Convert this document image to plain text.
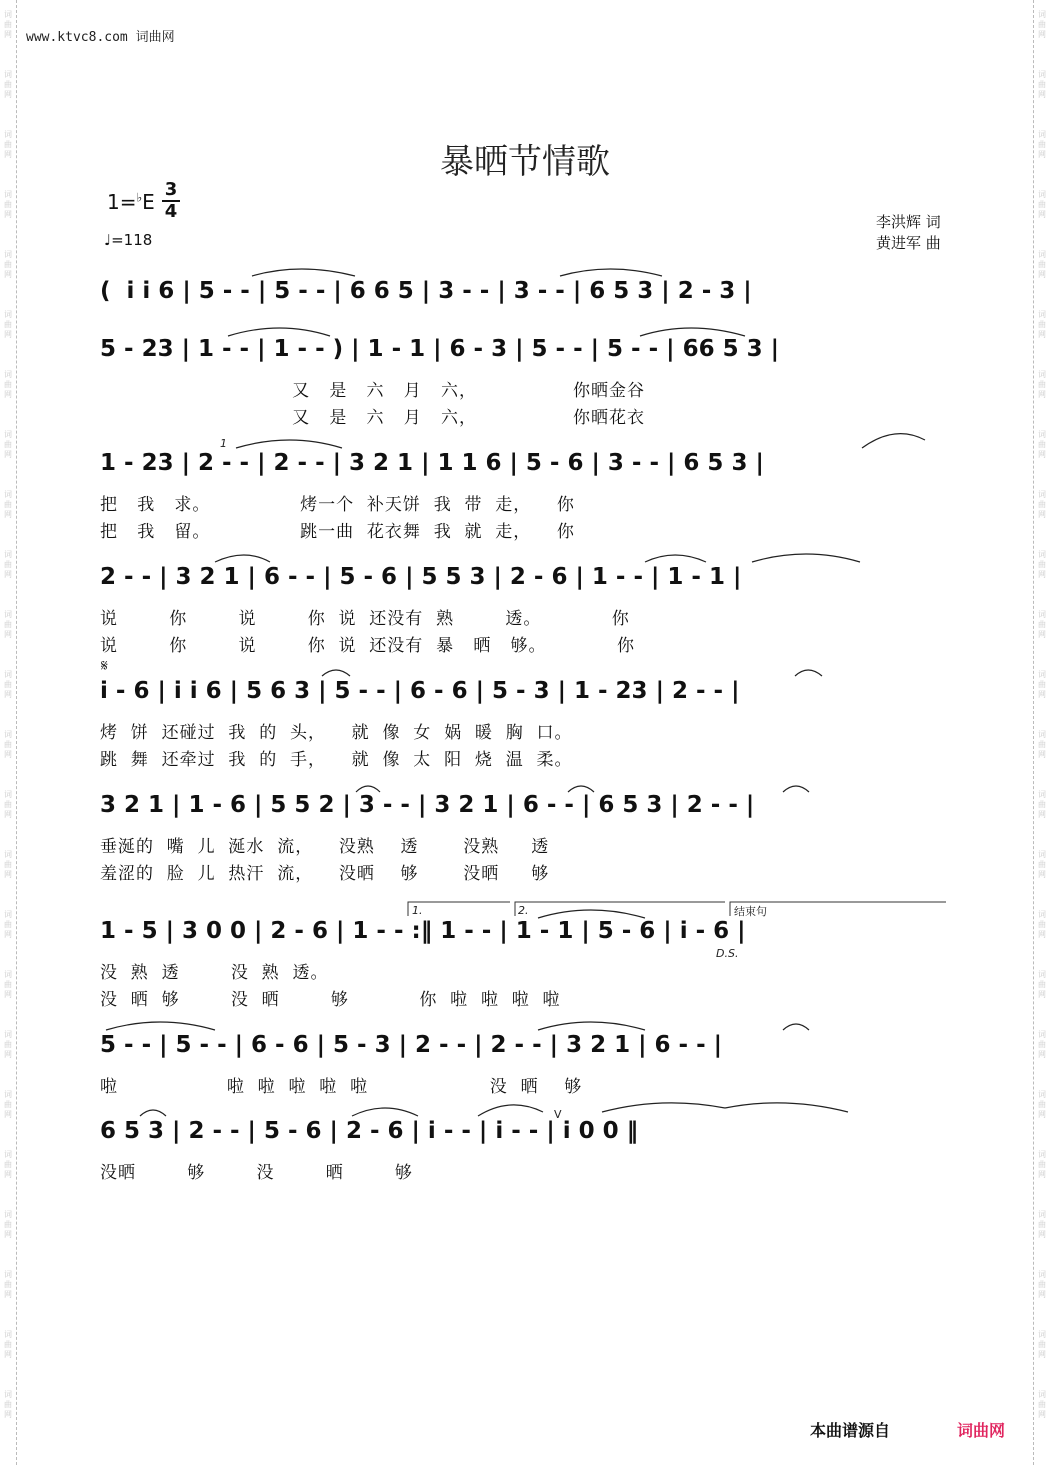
词曲网
词曲网
词曲网
词曲网
词曲网
词曲网
词曲网
词曲网
词曲网
词曲网
词曲网
词曲网
词曲网
词曲网
词曲网
词曲网
词曲网
词曲网
词曲网
词曲网
词曲网
词曲网
词曲网
词曲网
词曲网
词曲网
词曲网
词曲网
词曲网
词曲网
词曲网
词曲网
词曲网
词曲网
词曲网
词曲网
词曲网
词曲网
词曲网
词曲网
词曲网
词曲网
词曲网
词曲网
词曲网
词曲网
词曲网
词曲网
www.ktvc8.com 词曲网
暴晒节情歌
$1=^♭E \frac{3}{4}$
♩=118
李洪辉 词
黄进军 曲
(  i i 6 | 5 - - | 5 - - | 6 6 5 | 3 - - | 3 - - | 6 5 3 | 2 - 3 |
5 - 23 | 1 - - | 1 - - ) | 1 - 1 | 6 - 3 | 5 - - | 5 - - | 66 5 3 |
又   是   六   月   六，               你晒金谷
又   是   六   月   六，               你晒花衣
1 - 23 | 2 - - | 2 - - | 3 2 1 | 1 1 6 | 5 - 6 | 3 - - | 6 5 3 |
把   我   求。              烤一个  补天饼  我  带  走，    你
把   我   留。              跳一曲  花衣舞  我  就  走，    你
2 - - | 3 2 1 | 6 - - | 5 - 6 | 5 5 3 | 2 - 6 | 1 - - | 1 - 1 |
说        你        说        你  说  还没有  熟        透。           你
说        你        说        你  说  还没有  暴   晒   够。           你
i - 6 | i i 6 | 5 6 3 | 5 - - | 6 - 6 | 5 - 3 | 1 - 23 | 2 - - |
烤  饼  还碰过  我  的  头，    就  像  女  娲  暖  胸  口。
跳  舞  还牵过  我  的  手，    就  像  太  阳  烧  温  柔。
3 2 1 | 1 - 6 | 5 5 2 | 3 - - | 3 2 1 | 6 - - | 6 5 3 | 2 - - |
垂涎的  嘴  儿  涎水  流，    没熟    透       没熟     透
羞涩的  脸  儿  热汗  流，    没晒    够       没晒     够
1 - 5 | 3 0 0 | 2 - 6 | 1 - - :‖ 1 - - | 1 - 1 | 5 - 6 | i - 6 |
没  熟  透        没  熟  透。
没  晒  够        没  晒        够           你  啦  啦  啦  啦
5 - - | 5 - - | 6 - 6 | 5 - 3 | 2 - - | 2 - - | 3 2 1 | 6 - - |
啦                 啦  啦  啦  啦  啦                   没  晒    够
6 5 3 | 2 - - | 5 - 6 | 2 - 6 | i - - | i - - | i 0 0 ‖
没晒        够        没        晒        够
1
𝄋
1.	2.	结束句
D.S.
V
本曲谱源自	词曲网
